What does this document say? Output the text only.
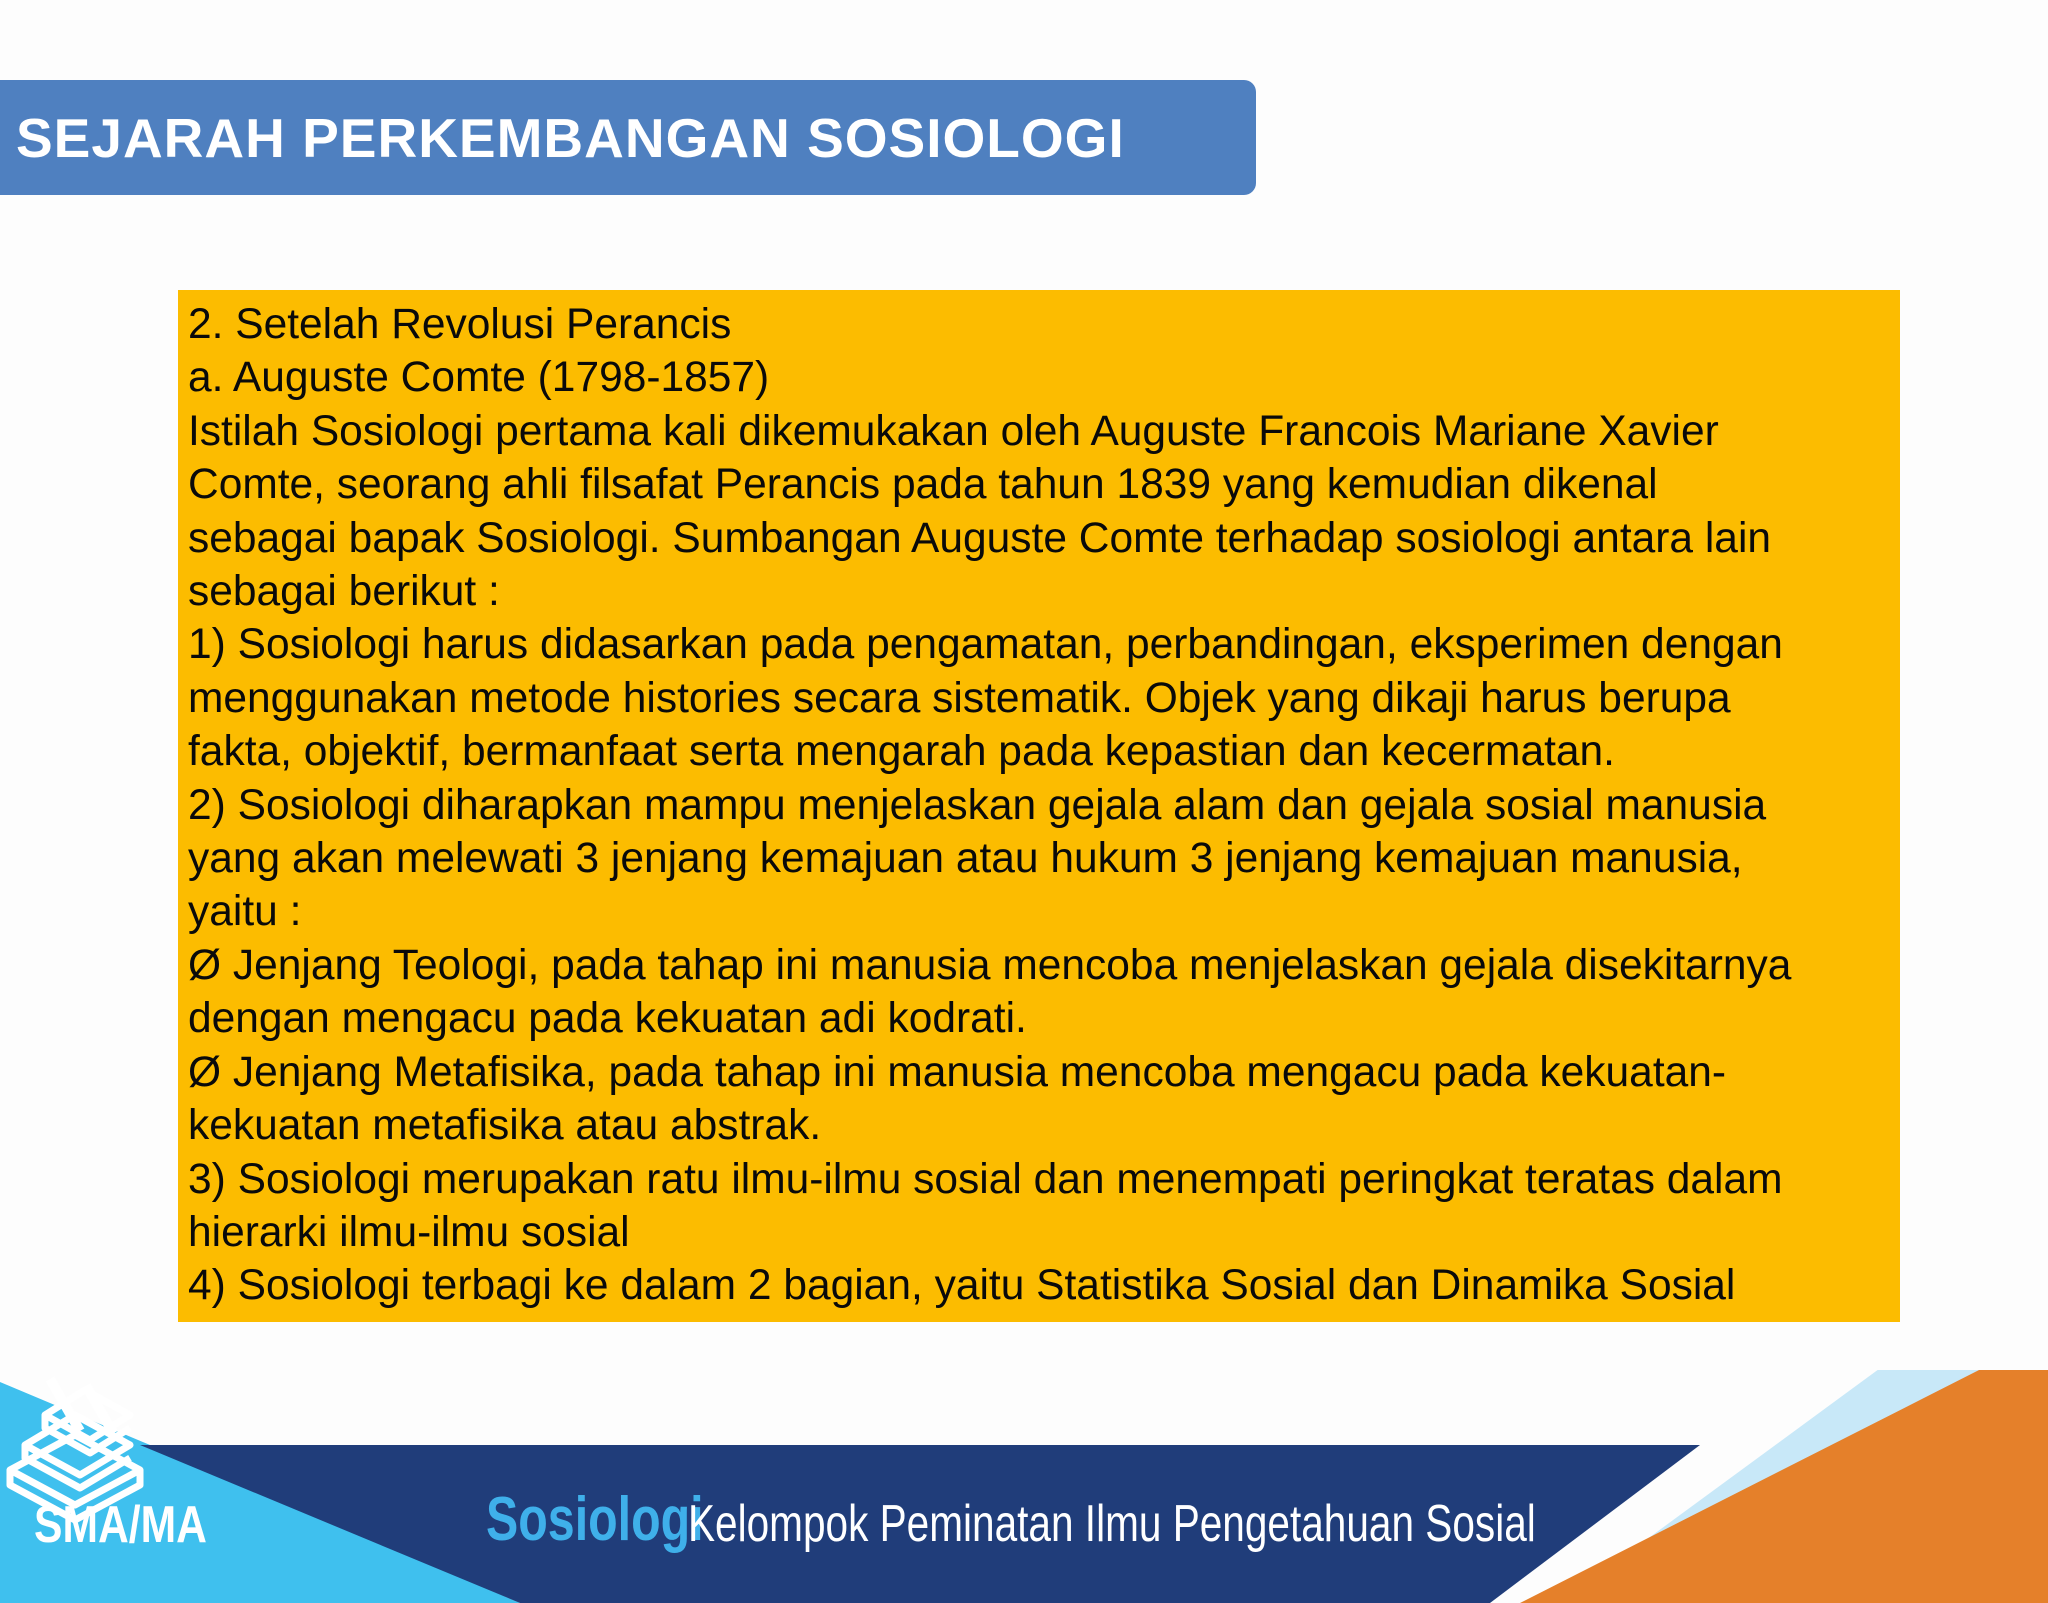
SEJARAH PERKEMBANGAN SOSIOLOGI
2. Setelah Revolusi Perancis
a. Auguste Comte (1798-1857)
Istilah Sosiologi pertama kali dikemukakan oleh Auguste Francois Mariane Xavier
Comte, seorang ahli filsafat Perancis pada tahun 1839 yang kemudian dikenal
sebagai bapak Sosiologi. Sumbangan Auguste Comte terhadap sosiologi antara lain
sebagai berikut :
1) Sosiologi harus didasarkan pada pengamatan, perbandingan, eksperimen dengan
menggunakan metode histories secara sistematik. Objek yang dikaji harus berupa
fakta, objektif, bermanfaat serta mengarah pada kepastian dan kecermatan.
2) Sosiologi diharapkan mampu menjelaskan gejala alam dan gejala sosial manusia
yang akan melewati 3 jenjang kemajuan atau hukum 3 jenjang kemajuan manusia,
yaitu :
Ø Jenjang Teologi, pada tahap ini manusia mencoba menjelaskan gejala disekitarnya
dengan mengacu pada kekuatan adi kodrati.
Ø Jenjang Metafisika, pada tahap ini manusia mencoba mengacu pada kekuatan-
kekuatan metafisika atau abstrak.
3) Sosiologi merupakan ratu ilmu-ilmu sosial dan menempati peringkat teratas dalam
hierarki ilmu-ilmu sosial
4) Sosiologi terbagi ke dalam 2 bagian, yaitu Statistika Sosial dan Dinamika Sosial
SMA/MA	Sosiologi
Kelompok Peminatan Ilmu Pengetahuan Sosial
